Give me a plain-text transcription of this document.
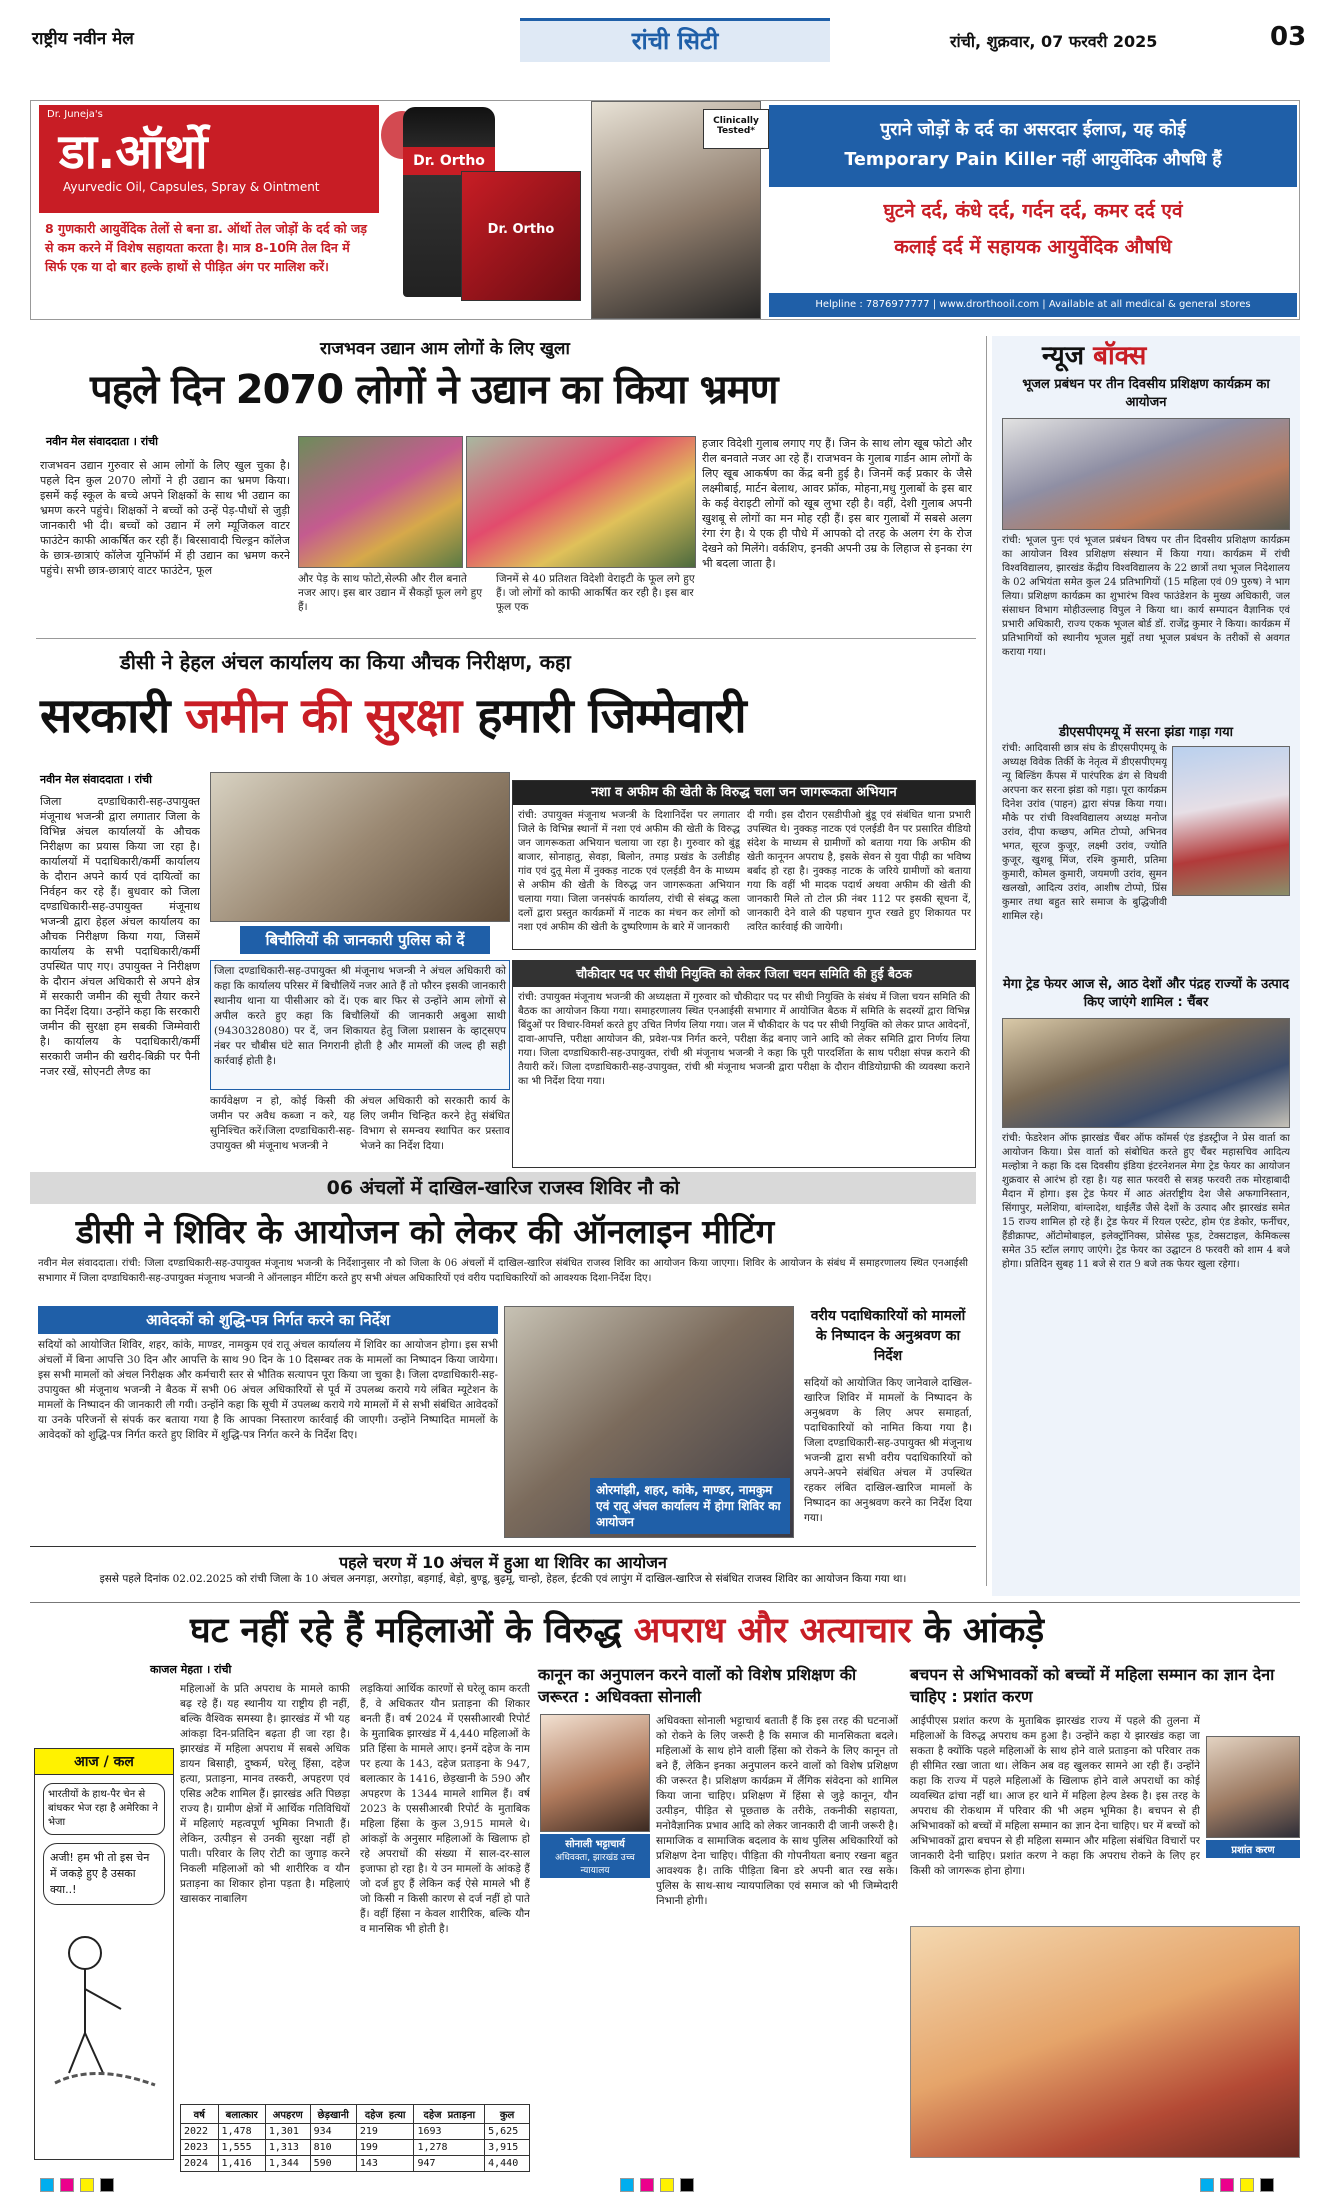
राष्ट्रीय नवीन मेल	रांची सिटी	रांची, शुक्रवार, 07 फरवरी 2025	03
Dr. Juneja's
डा.ऑर्थो
Ayurvedic Oil, Capsules, Spray & Ointment
8 गुणकारी आयुर्वेदिक तेलों से बना डा. ऑर्थो तेल जोड़ों के दर्द को जड़ से कम करने में विशेष सहायता करता है। मात्र 8-10मि तेल दिन में सिर्फ एक या दो बार हल्के हाथों से पीड़ित अंग पर मालिश करें।
Dr. Ortho
Dr. Ortho
Clinically Tested*	पुराने जोड़ों के दर्द का असरदार ईलाज, यह कोई
Temporary Pain Killer नहीं आयुर्वेदिक औषधि हैं
घुटने दर्द, कंधे दर्द, गर्दन दर्द, कमर दर्द एवं
कलाई दर्द में सहायक आयुर्वेदिक औषधि
Helpline : 7876977777 | www.drorthooil.com | Available at all medical & general stores
राजभवन उद्यान आम लोगों के लिए खुला
पहले दिन 2070 लोगों ने उद्यान का किया भ्रमण
नवीन मेल संवाददाता । रांची
राजभवन उद्यान गुरुवार से आम लोगों के लिए खुल चुका है। पहले दिन कुल 2070 लोगों ने ही उद्यान का भ्रमण किया। इसमें कई स्कूल के बच्चे अपने शिक्षकों के साथ भी उद्यान का भ्रमण करने पहुंचे। शिक्षकों ने बच्चों को उन्हें पेड़-पौधों से जुड़ी जानकारी भी दी। बच्चों को उद्यान में लगे म्यूजिकल वाटर फाउंटेन काफी आकर्षित कर रही हैं। बिरसावादी चिल्ड्रन कॉलेज के छात्र-छात्राएं कॉलेज यूनिफॉर्म में ही उद्यान का भ्रमण करने पहुंचे। सभी छात्र-छात्राएं वाटर फाउंटेन, फूल
और पेड़ के साथ फोटो,सेल्फी और रील बनाते नजर आए। इस बार उद्यान में सैकड़ों फूल लगे हुए हैं।
जिनमें से 40 प्रतिशत विदेशी वेराइटी के फूल लगे हुए हैं। जो लोगों को काफी आकर्षित कर रही है। इस बार फूल एक
हजार विदेशी गुलाब लगाए गए हैं। जिन के साथ लोग खूब फोटो और रील बनवाते नजर आ रहे हैं। राजभवन के गुलाब गार्डन आम लोगों के लिए खूब आकर्षण का केंद्र बनी हुई है। जिनमें कई प्रकार के जैसे लक्ष्मीबाई, मार्टन बेलाथ, आवर फ्रॉक, मोहना,मधु गुलाबों के इस बार के कई वेराइटी लोगों को खूब लुभा रही है। वहीं, देशी गुलाब अपनी खुशबू से लोगों का मन मोह रही हैं। इस बार गुलाबों में सबसे अलग रंगा रंग है। ये एक ही पौधे में आपको दो तरह के अलग रंग के रोज देखने को मिलेंगे। वर्कशिप, इनकी अपनी उम्र के लिहाज से इनका रंग भी बदला जाता है।
डीसी ने हेहल अंचल कार्यालय का किया औचक निरीक्षण, कहा
सरकारी जमीन की सुरक्षा हमारी जिम्मेवारी
नवीन मेल संवाददाता । रांची
जिला दण्डाधिकारी-सह-उपायुक्त मंजूनाथ भजन्त्री द्वारा लगातार जिला के विभिन्न अंचल कार्यालयों के औचक निरीक्षण का प्रयास किया जा रहा है। कार्यालयों में पदाधिकारी/कर्मी कार्यालय के दौरान अपने कार्य एवं दायित्वों का निर्वहन कर रहे हैं। बुधवार को जिला दण्डाधिकारी-सह-उपायुक्त मंजूनाथ भजन्त्री द्वारा हेहल अंचल कार्यालय का औचक निरीक्षण किया गया, जिसमें कार्यालय के सभी पदाधिकारी/कर्मी उपस्थित पाए गए। उपायुक्त ने निरीक्षण के दौरान अंचल अधिकारी से अपने क्षेत्र में सरकारी जमीन की सूची तैयार करने का निर्देश दिया। उन्होंने कहा कि सरकारी जमीन की सुरक्षा हम सबकी जिम्मेवारी है। कार्यालय के पदाधिकारी/कर्मी सरकारी जमीन की खरीद-बिक्री पर पैनी नजर रखें, सोएनटी लैण्ड का
बिचौलियों की जानकारी पुलिस को दें
जिला दण्डाधिकारी-सह-उपायुक्त श्री मंजूनाथ भजन्त्री ने अंचल अधिकारी को कहा कि कार्यालय परिसर में बिचौलियें नजर आते हैं तो फौरन इसकी जानकारी स्थानीय थाना या पीसीआर को दें। एक बार फिर से उन्होंने आम लोगों से अपील करते हुए कहा कि बिचौलियों की जानकारी अबुआ साथी (9430328080) पर दें, जन शिकायत हेतु जिला प्रशासन के व्हाट्सएप नंबर पर चौबीस घंटे सात निगरानी होती है और मामलों की जल्द ही सही कार्रवाई होती है।
कार्यवेक्षण न हो, कोई किसी की जमीन पर अवैध कब्जा न करे, यह सुनिश्चित करें।जिला दण्डाधिकारी-सह-उपायुक्त श्री मंजूनाथ भजन्त्री ने
अंचल अधिकारी को सरकारी कार्य के लिए जमीन चिन्हित करने हेतु संबंधित विभाग से समन्वय स्थापित कर प्रस्ताव भेजने का निर्देश दिया।
नशा व अफीम की खेती के विरुद्ध चला जन जागरूकता अभियान
रांची: उपायुक्त मंजूनाथ भजन्त्री के दिशानिर्देश पर लगातार जिले के विभिन्न स्थानों में नशा एवं अफीम की खेती के विरुद्ध जन जागरूकता अभियान चलाया जा रहा है। गुरुवार को बुंडू बाजार, सोनाहातु, सेवड़ा, बिलोन, तमाड़ प्रखंड के उलीडीह गांव एवं दुतू मेला में नुक्कड़ नाटक एवं एलईडी वैन के माध्यम से अफीम की खेती के विरुद्ध जन जागरूकता अभियान चलाया गया। जिला जनसंपर्क कार्यालय, रांची से संबद्ध कला दलों द्वारा प्रस्तुत कार्यक्रमों में नाटक का मंचन कर लोगों को नशा एवं अफीम की खेती के दुष्परिणाम के बारे में जानकारी
दी गयी। इस दौरान एसडीपीओ बुंडू एवं संबंधित थाना प्रभारी उपस्थित थे। नुक्कड़ नाटक एवं एलईडी वैन पर प्रसारित वीडियो संदेश के माध्यम से ग्रामीणों को बताया गया कि अफीम की खेती कानूनन अपराध है, इसके सेवन से युवा पीढ़ी का भविष्य बर्बाद हो रहा है। नुक्कड़ नाटक के जरिये ग्रामीणों को बताया गया कि वहीं भी मादक पदार्थ अथवा अफीम की खेती की जानकारी मिले तो टोल फ्री नंबर 112 पर इसकी सूचना दें, जानकारी देने वाले की पहचान गुप्त रखते हुए शिकायत पर त्वरित कार्रवाई की जायेगी।
चौकीदार पद पर सीधी नियुक्ति को लेकर जिला चयन समिति की हुई बैठक
रांची: उपायुक्त मंजूनाथ भजन्त्री की अध्यक्षता में गुरुवार को चौकीदार पद पर सीधी नियुक्ति के संबंध में जिला चयन समिति की बैठक का आयोजन किया गया। समाहरणालय स्थित एनआईसी सभागार में आयोजित बैठक में समिति के सदस्यों द्वारा विभिन्न बिंदुओं पर विचार-विमर्श करते हुए उचित निर्णय लिया गया। जल में चौकीदार के पद पर सीधी नियुक्ति को लेकर प्राप्त आवेदनों, दावा-आपत्ति, परीक्षा आयोजन की, प्रवेश-पत्र निर्गत करने, परीक्षा केंद्र बनाए जाने आदि को लेकर समिति द्वारा निर्णय लिया गया। जिला दण्डाधिकारी-सह-उपायुक्त, रांची श्री मंजूनाथ भजन्त्री ने कहा कि पूरी पारदर्शिता के साथ परीक्षा संपन्न कराने की तैयारी करें। जिला दण्डाधिकारी-सह-उपायुक्त, रांची श्री मंजूनाथ भजन्त्री द्वारा परीक्षा के दौरान वीडियोग्राफी की व्यवस्था कराने का भी निर्देश दिया गया।
06 अंचलों में दाखिल-खारिज राजस्व शिविर नौ को
डीसी ने शिविर के आयोजन को लेकर की ऑनलाइन मीटिंग
नवीन मेल संवाददाता। रांची: जिला दण्डाधिकारी-सह-उपायुक्त मंजूनाथ भजन्त्री के निर्देशानुसार नौ को जिला के 06 अंचलों में दाखिल-खारिज संबंधित राजस्व शिविर का आयोजन किया जाएगा। शिविर के आयोजन के संबंध में समाहरणालय स्थित एनआईसी सभागार में जिला दण्डाधिकारी-सह-उपायुक्त मंजूनाथ भजन्त्री ने ऑनलाइन मीटिंग करते हुए सभी अंचल अधिकारियों एवं वरीय पदाधिकारियों को आवश्यक दिशा-निर्देश दिए।
आवेदकों को शुद्धि-पत्र निर्गत करने का निर्देश
सदियों को आयोजित शिविर, शहर, कांके, माण्डर, नामकुम एवं रातू अंचल कार्यालय में शिविर का आयोजन होगा। इस सभी अंचलों में बिना आपत्ति 30 दिन और आपत्ति के साथ 90 दिन के 10 दिसम्बर तक के मामलों का निष्पादन किया जायेगा। इस सभी मामलों को अंचल निरीक्षक और कर्मचारी स्तर से भौतिक सत्यापन पूरा किया जा चुका है। जिला दण्डाधिकारी-सह-उपायुक्त श्री मंजूनाथ भजन्त्री ने बैठक में सभी 06 अंचल अधिकारियों से पूर्व में उपलब्ध कराये गये लंबित म्यूटेशन के मामलों के निष्पादन की जानकारी ली गयी। उन्होंने कहा कि सूची में उपलब्ध कराये गये मामलों में से सभी संबंधित आवेदकों या उनके परिजनों से संपर्क कर बताया गया है कि आपका निस्तारण कार्रवाई की जाएगी। उन्होंने निष्पादित मामलों के आवेदकों को शुद्धि-पत्र निर्गत करते हुए शिविर में शुद्धि-पत्र निर्गत करने के निर्देश दिए।
ओरमांझी, शहर, कांके, माण्डर, नामकुम एवं रातू अंचल कार्यालय में होगा शिविर का आयोजन
वरीय पदाधिकारियों को मामलों के निष्पादन के अनुश्रवण का निर्देश
सदियों को आयोजित किए जानेवाले दाखिल-खारिज शिविर में मामलों के निष्पादन के अनुश्रवण के लिए अपर समाहर्ता, पदाधिकारियों को नामित किया गया है। जिला दण्डाधिकारी-सह-उपायुक्त श्री मंजूनाथ भजन्त्री द्वारा सभी वरीय पदाधिकारियों को अपने-अपने संबंधित अंचल में उपस्थित रहकर लंबित दाखिल-खारिज मामलों के निष्पादन का अनुश्रवण करने का निर्देश दिया गया।
पहले चरण में 10 अंचल में हुआ था शिविर का आयोजन
इससे पहले दिनांक 02.02.2025 को रांची जिला के 10 अंचल अनगड़ा, अरगोड़ा, बड़गाई, बेड़ो, बुण्डू, बुढ़मू, चान्हो, हेहल, ईटकी एवं लापुंग में दाखिल-खारिज से संबंधित राजस्व शिविर का आयोजन किया गया था।
न्यूज बॉक्स
भूजल प्रबंधन पर तीन दिवसीय प्रशिक्षण कार्यक्रम का आयोजन
रांची: भूजल पुनः एवं भूजल प्रबंधन विषय पर तीन दिवसीय प्रशिक्षण कार्यक्रम का आयोजन विश्व प्रशिक्षण संस्थान में किया गया। कार्यक्रम में रांची विश्वविद्यालय, झारखंड केंद्रीय विश्वविद्यालय के 22 छात्रों तथा भूजल निदेशालय के 02 अभियंता समेत कुल 24 प्रतिभागियों (15 महिला एवं 09 पुरुष) ने भाग लिया। प्रशिक्षण कार्यक्रम का शुभारंभ विश्व फाउंडेशन के मुख्य अधिकारी, जल संसाधन विभाग मोहीउल्लाह विपुल ने किया था। कार्य सम्पादन वैज्ञानिक एवं प्रभारी अधिकारी, राज्य एकक भूजल बोर्ड डॉ. राजेंद्र कुमार ने किया। कार्यक्रम में प्रतिभागियों को स्थानीय भूजल मुद्दों तथा भूजल प्रबंधन के तरीकों से अवगत कराया गया।
डीएसपीएमयू में सरना झंडा गाड़ा गया
रांची: आदिवासी छात्र संघ के डीएसपीएमयू के अध्यक्ष विवेक तिर्की के नेतृत्व में डीएसपीएमयू न्यू बिल्डिंग कैंपस में पारंपरिक ढंग से विधवी अरपना कर सरना झंडा को गड़ा। पूरा कार्यक्रम दिनेश उरांव (पाहन) द्वारा संपन्न किया गया। मौके पर रांची विश्वविद्यालय अध्यक्ष मनोज उरांव, दीपा कच्छप, अमित टोप्पो, अभिनव भगत, सूरज कुजूर, लक्ष्मी उरांव, ज्योति कुजूर, खुशबू मिंज, रश्मि कुमारी, प्रतिमा कुमारी, कोमल कुमारी, जयमणी उरांव, सुमन खलखो, आदित्य उरांव, आशीष टोप्पो, प्रिंस कुमार तथा बहुत सारे समाज के बुद्धिजीवी शामिल रहे।
मेगा ट्रेड फेयर आज से, आठ देशों और पंद्रह राज्यों के उत्पाद किए जाएंगे शामिल : चैंबर
रांची: फेडरेशन ऑफ झारखंड चैंबर ऑफ कॉमर्स एंड इंडस्ट्रीज ने प्रेस वार्ता का आयोजन किया। प्रेस वार्ता को संबोधित करते हुए चैंबर महासचिव आदित्य मल्होत्रा ने कहा कि दस दिवसीय इंडिया इंटरनेशनल मेगा ट्रेड फेयर का आयोजन शुक्रवार से आरंभ हो रहा है। यह सात फरवरी से सत्रह फरवरी तक मोरहाबादी मैदान में होगा। इस ट्रेड फेयर में आठ अंतर्राष्ट्रीय देश जैसे अफगानिस्तान, सिंगापुर, मलेशिया, बांग्लादेश, थाईलैंड जैसे देशों के उत्पाद और झारखंड समेत 15 राज्य शामिल हो रहे हैं। ट्रेड फेयर में रियल एस्टेट, होम एंड डेकोर, फर्नीचर, हैंडीक्राफ्ट, ऑटोमोबाइल, इलेक्ट्रॉनिक्स, प्रोसेस्ड फूड, टेक्सटाइल, केमिकल्स समेत 35 स्टॉल लगाए जाएंगे। ट्रेड फेयर का उद्घाटन 8 फरवरी को शाम 4 बजे होगा। प्रतिदिन सुबह 11 बजे से रात 9 बजे तक फेयर खुला रहेगा।
घट नहीं रहे हैं महिलाओं के विरुद्ध अपराध और अत्याचार के आंकड़े
काजल मेहता । रांची
आज / कल
भारतीयों के हाथ-पैर चेन से बांधकर भेज रहा है अमेरिका ने भेजा
अजी! हम भी तो इस चेन में जकड़े हुए है उसका क्या..!
महिलाओं के प्रति अपराध के मामले काफी बढ़ रहे हैं। यह स्थानीय या राष्ट्रीय ही नहीं, बल्कि वैश्विक समस्या है। झारखंड में भी यह आंकड़ा दिन-प्रतिदिन बढ़ता ही जा रहा है। झारखंड में महिला अपराध में सबसे अधिक डायन बिसाही, दुष्कर्म, घरेलू हिंसा, दहेज हत्या, प्रताड़ना, मानव तस्करी, अपहरण एवं एसिड अटैक शामिल हैं। झारखंड अति पिछड़ा राज्य है। ग्रामीण क्षेत्रों में आर्थिक गतिविधियों में महिलाएं महत्वपूर्ण भूमिका निभाती हैं। लेकिन, उत्पीड़न से उनकी सुरक्षा नहीं हो पाती। परिवार के लिए रोटी का जुगाड़ करने निकली महिलाओं को भी शारीरिक व यौन प्रताड़ना का शिकार होना पड़ता है। महिलाएं खासकर नाबालिग
लड़कियां आर्थिक कारणों से घरेलू काम करती हैं, वे अधिकतर यौन प्रताड़ना की शिकार बनती हैं। वर्ष 2024 में एससीआरबी रिपोर्ट के मुताबिक झारखंड में 4,440 महिलाओं के प्रति हिंसा के मामले आए। इनमें दहेज के नाम पर हत्या के 143, दहेज प्रताड़ना के 947, बलात्कार के 1416, छेड़खानी के 590 और अपहरण के 1344 मामले शामिल हैं। वर्ष 2023 के एससीआरबी रिपोर्ट के मुताबिक महिला हिंसा के कुल 3,915 मामले थे। आंकड़ों के अनुसार महिलाओं के खिलाफ हो रहे अपराधों की संख्या में साल-दर-साल इजाफा हो रहा है। ये उन मामलों के आंकड़े हैं जो दर्ज हुए हैं लेकिन कई ऐसे मामले भी हैं जो किसी न किसी कारण से दर्ज नहीं हो पाते हैं। वहीं हिंसा न केवल शारीरिक, बल्कि यौन व मानसिक भी होती है।
वर्ष	बलात्कार	अपहरण	छेड़खानी	दहेज हत्या	दहेज प्रताड़ना	कुल
2022	1,478	1,301	934	219	1693	5,625
2023	1,555	1,313	810	199	1,278	3,915
2024	1,416	1,344	590	143	947	4,440
कानून का अनुपालन करने वालों को विशेष प्रशिक्षण की जरूरत : अधिवक्ता सोनाली
सोनाली भट्टाचार्य
अधिवक्ता, झारखंड उच्च न्यायालय
अधिवक्ता सोनाली भट्टाचार्य बताती हैं कि इस तरह की घटनाओं को रोकने के लिए जरूरी है कि समाज की मानसिकता बदले। महिलाओं के साथ होने वाली हिंसा को रोकने के लिए कानून तो बने हैं, लेकिन इनका अनुपालन करने वालों को विशेष प्रशिक्षण की जरूरत है। प्रशिक्षण कार्यक्रम में लैंगिक संवेदना को शामिल किया जाना चाहिए। प्रशिक्षण में हिंसा से जुड़े कानून, यौन उत्पीड़न, पीड़ित से पूछताछ के तरीके, तकनीकी सहायता, मनोवैज्ञानिक प्रभाव आदि को लेकर जानकारी दी जानी जरूरी है। सामाजिक व सामाजिक बदलाव के साथ पुलिस अधिकारियों को प्रशिक्षण देना चाहिए। पीड़िता की गोपनीयता बनाए रखना बहुत आवश्यक है। ताकि पीड़िता बिना डरे अपनी बात रख सके। पुलिस के साथ-साथ न्यायपालिका एवं समाज को भी जिम्मेदारी निभानी होगी।
बचपन से अभिभावकों को बच्चों में महिला सम्मान का ज्ञान देना चाहिए : प्रशांत करण
आईपीएस प्रशांत करण के मुताबिक झारखंड राज्य में पहले की तुलना में महिलाओं के विरुद्ध अपराध कम हुआ है। उन्होंने कहा ये झारखंड कहा जा सकता है क्योंकि पहले महिलाओं के साथ होने वाले प्रताड़ना को परिवार तक ही सीमित रखा जाता था। लेकिन अब वह खुलकर सामने आ रही हैं। उन्होंने कहा कि राज्य में पहले महिलाओं के खिलाफ होने वाले अपराधों का कोई व्यवस्थित ढांचा नहीं था। आज हर थाने में महिला हेल्प डेस्क है। इस तरह के अपराध की रोकथाम में परिवार की भी अहम भूमिका है। बचपन से ही अभिभावकों को बच्चों में महिला सम्मान का ज्ञान देना चाहिए। घर में बच्चों को अभिभावकों द्वारा बचपन से ही महिला सम्मान और महिला संबंधित विचारों पर जानकारी देनी चाहिए। प्रशांत करण ने कहा कि अपराध रोकने के लिए हर किसी को जागरूक होना होगा।
प्रशांत करण
